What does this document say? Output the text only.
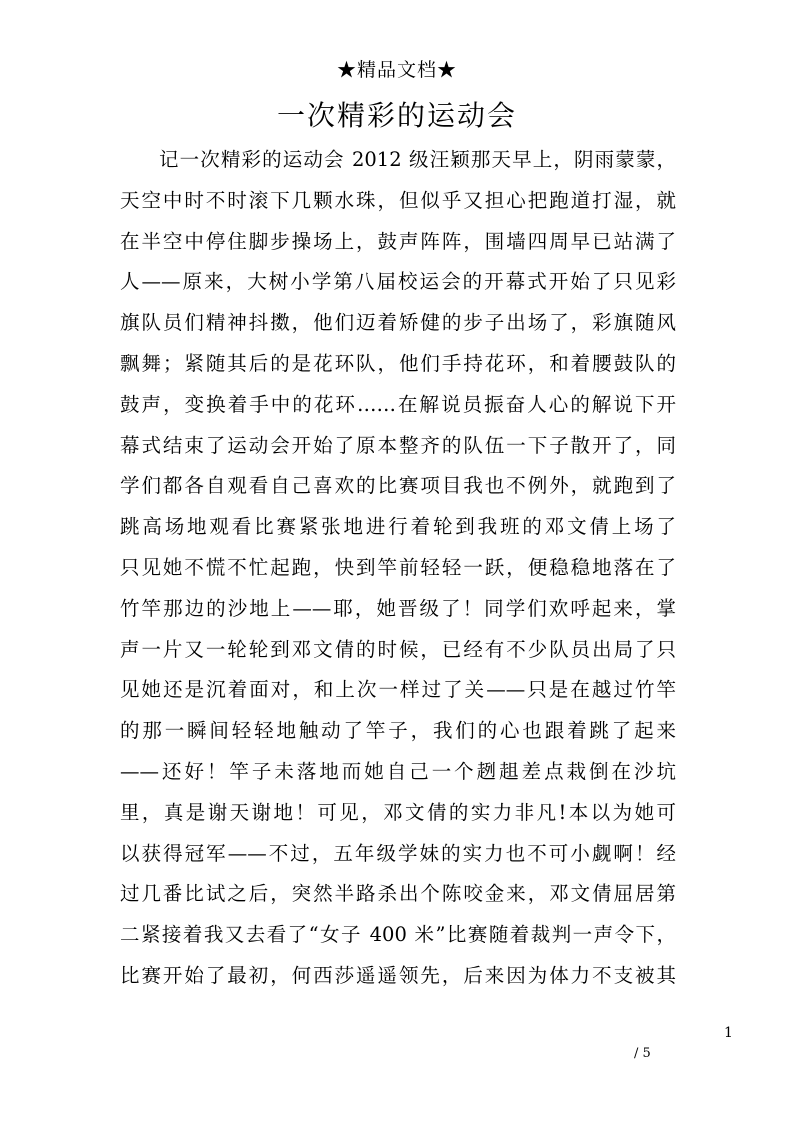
★精品文档★
一次精彩的运动会
记一次精彩的运动会 2012 级汪颖那天早上，阴雨蒙蒙，
天空中时不时滚下几颗水珠，但似乎又担心把跑道打湿，就
在半空中停住脚步操场上，鼓声阵阵，围墙四周早已站满了
人——原来，大树小学第八届校运会的开幕式开始了只见彩
旗队员们精神抖擞，他们迈着矫健的步子出场了，彩旗随风
飘舞；紧随其后的是花环队，他们手持花环，和着腰鼓队的
鼓声，变换着手中的花环……在解说员振奋人心的解说下开
幕式结束了运动会开始了原本整齐的队伍一下子散开了，同
学们都各自观看自己喜欢的比赛项目我也不例外，就跑到了
跳高场地观看比赛紧张地进行着轮到我班的邓文倩上场了
只见她不慌不忙起跑，快到竿前轻轻一跃，便稳稳地落在了
竹竿那边的沙地上——耶，她晋级了！同学们欢呼起来，掌
声一片又一轮轮到邓文倩的时候，已经有不少队员出局了只
见她还是沉着面对，和上次一样过了关——只是在越过竹竿
的那一瞬间轻轻地触动了竿子，我们的心也跟着跳了起来
——还好！竿子未落地而她自己一个趔趄差点栽倒在沙坑
里，真是谢天谢地！可见，邓文倩的实力非凡!本以为她可
以获得冠军——不过，五年级学妹的实力也不可小觑啊！经
过几番比试之后，突然半路杀出个陈咬金来，邓文倩屈居第
二紧接着我又去看了“女子 400 米”比赛随着裁判一声令下，
比赛开始了最初，何西莎遥遥领先，后来因为体力不支被其
1
/ 5
